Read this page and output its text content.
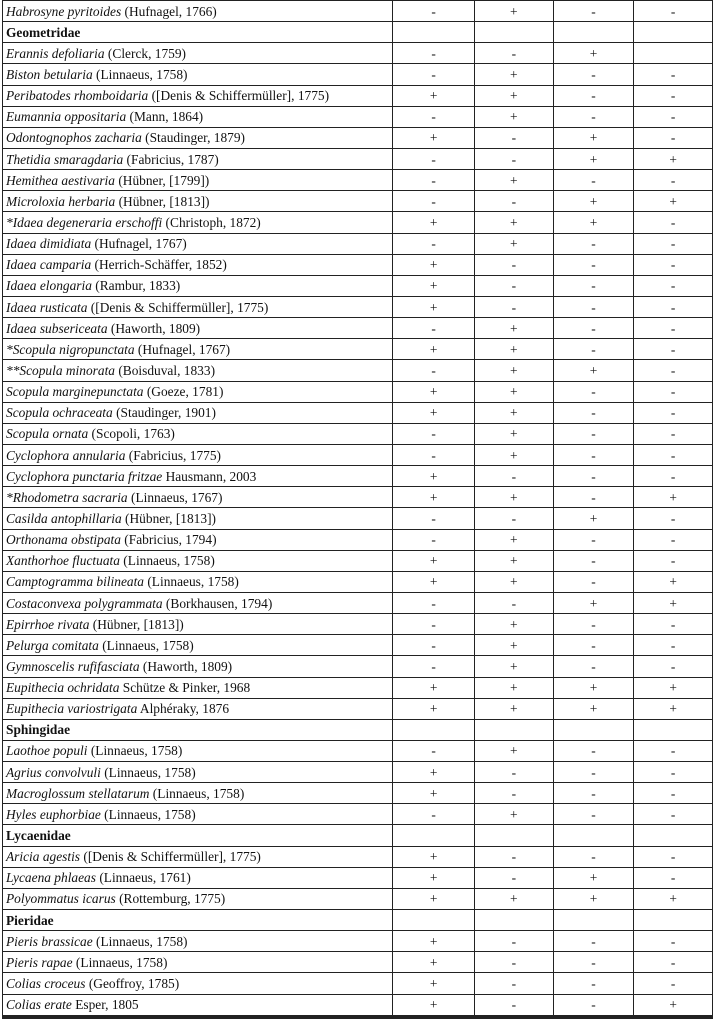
Habrosyne pyritoides (Hufnagel, 1766)	-	+	-	-
Geometridae				
Erannis defoliaria (Clerck, 1759)	-	-	+	
Biston betularia (Linnaeus, 1758)	-	+	-	-
Peribatodes rhomboidaria ([Denis & Schiffermüller], 1775)	+	+	-	-
Eumannia oppositaria (Mann, 1864)	-	+	-	-
Odontognophos zacharia (Staudinger, 1879)	+	-	+	-
Thetidia smaragdaria (Fabricius, 1787)	-	-	+	+
Hemithea aestivaria (Hübner, [1799])	-	+	-	-
Microloxia herbaria (Hübner, [1813])	-	-	+	+
*Idaea degeneraria erschoffi (Christoph, 1872)	+	+	+	-
Idaea dimidiata (Hufnagel, 1767)	-	+	-	-
Idaea camparia (Herrich-Schäffer, 1852)	+	-	-	-
Idaea elongaria (Rambur, 1833)	+	-	-	-
Idaea rusticata ([Denis & Schiffermüller], 1775)	+	-	-	-
Idaea subsericeata (Haworth, 1809)	-	+	-	-
*Scopula nigropunctata (Hufnagel, 1767)	+	+	-	-
**Scopula minorata (Boisduval, 1833)	-	+	+	-
Scopula marginepunctata (Goeze, 1781)	+	+	-	-
Scopula ochraceata (Staudinger, 1901)	+	+	-	-
Scopula ornata (Scopoli, 1763)	-	+	-	-
Cyclophora annularia (Fabricius, 1775)	-	+	-	-
Cyclophora punctaria fritzae Hausmann, 2003	+	-	-	-
*Rhodometra sacraria (Linnaeus, 1767)	+	+	-	+
Casilda antophillaria (Hübner, [1813])	-	-	+	-
Orthonama obstipata (Fabricius, 1794)	-	+	-	-
Xanthorhoe fluctuata (Linnaeus, 1758)	+	+	-	-
Camptogramma bilineata (Linnaeus, 1758)	+	+	-	+
Costaconvexa polygrammata (Borkhausen, 1794)	-	-	+	+
Epirrhoe rivata (Hübner, [1813])	-	+	-	-
Pelurga comitata (Linnaeus, 1758)	-	+	-	-
Gymnoscelis rufifasciata (Haworth, 1809)	-	+	-	-
Eupithecia ochridata Schütze & Pinker, 1968	+	+	+	+
Eupithecia variostrigata Alphéraky, 1876	+	+	+	+
Sphingidae				
Laothoe populi (Linnaeus, 1758)	-	+	-	-
Agrius convolvuli (Linnaeus, 1758)	+	-	-	-
Macroglossum stellatarum (Linnaeus, 1758)	+	-	-	-
Hyles euphorbiae (Linnaeus, 1758)	-	+	-	-
Lycaenidae				
Aricia agestis ([Denis & Schiffermüller], 1775)	+	-	-	-
Lycaena phlaeas (Linnaeus, 1761)	+	-	+	-
Polyommatus icarus (Rottemburg, 1775)	+	+	+	+
Pieridae				
Pieris brassicae (Linnaeus, 1758)	+	-	-	-
Pieris rapae (Linnaeus, 1758)	+	-	-	-
Colias croceus (Geoffroy, 1785)	+	-	-	-
Colias erate Esper, 1805	+	-	-	+
